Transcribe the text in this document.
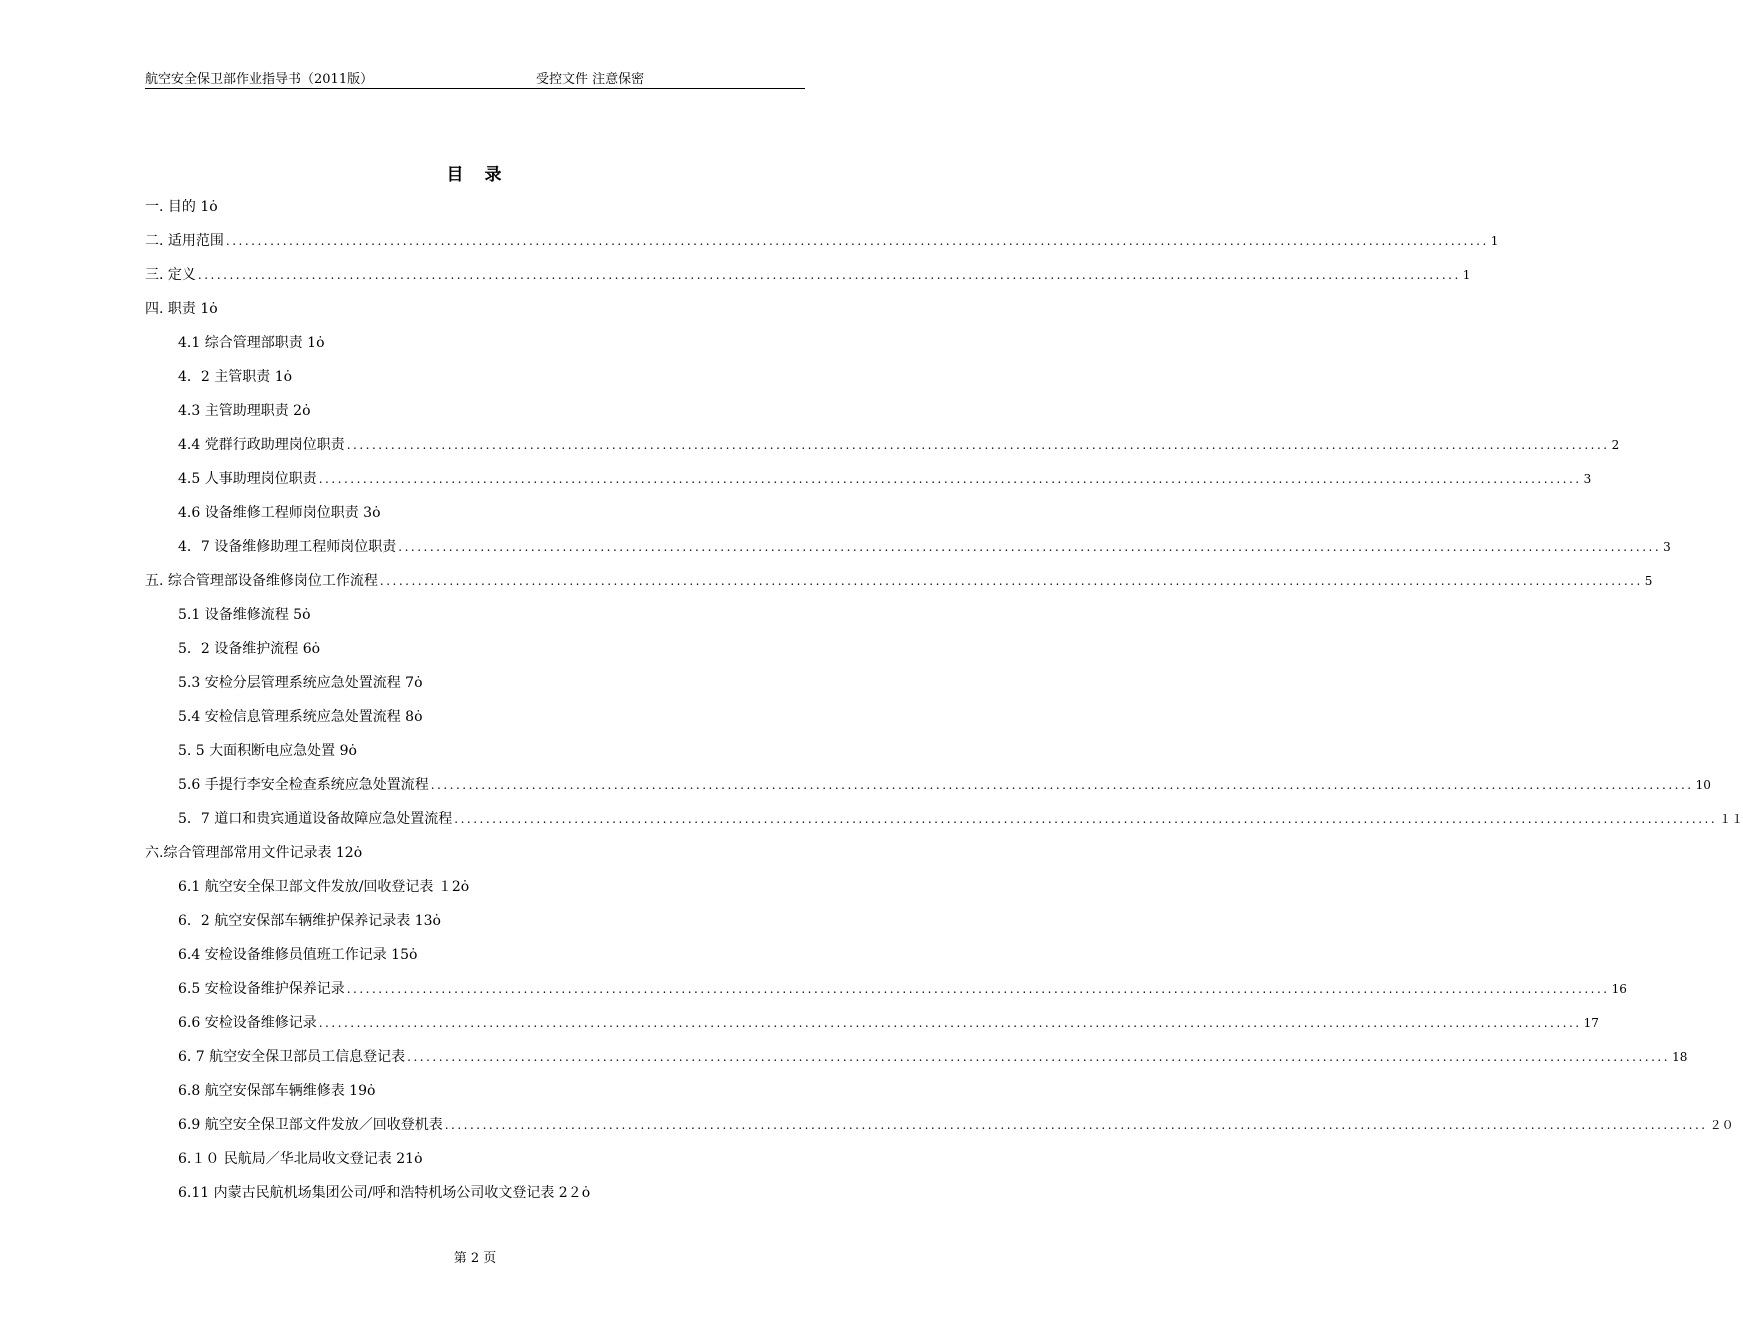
航空安全保卫部作业指导书（2011版）	受控文件 注意保密
目　录
一. 目的 1ȯ
二. 适用范围 ........................................................................................................................................................................................................ 1
三. 定义 ........................................................................................................................................................................................................ 1
四. 职责 1ȯ
4.1 综合管理部职责 1ȯ
4．2 主管职责 1ȯ
4.3 主管助理职责 2ȯ
4.4 党群行政助理岗位职责 ........................................................................................................................................................................................................ 2
4.5 人事助理岗位职责 ........................................................................................................................................................................................................ 3
4.6 设备维修工程师岗位职责 3ȯ
4．7 设备维修助理工程师岗位职责 ........................................................................................................................................................................................................ 3
五. 综合管理部设备维修岗位工作流程 ........................................................................................................................................................................................................ 5
5.1 设备维修流程 5ȯ
5．2 设备维护流程 6ȯ
5.3 安检分层管理系统应急处置流程 7ȯ
5.4 安检信息管理系统应急处置流程 8ȯ
5. 5 大面积断电应急处置 9ȯ
5.6 手提行李安全检查系统应急处置流程 ........................................................................................................................................................................................................ 10
5．7 道口和贵宾通道设备故障应急处置流程 ........................................................................................................................................................................................................ １１
六.综合管理部常用文件记录表 12ȯ
6.1 航空安全保卫部文件发放/回收登记表 １2ȯ
6．2 航空安保部车辆维护保养记录表 13ȯ
6.4 安检设备维修员值班工作记录 15ȯ
6.5 安检设备维护保养记录 ........................................................................................................................................................................................................ 16
6.6 安检设备维修记录 ........................................................................................................................................................................................................ 17
6. 7 航空安全保卫部员工信息登记表 ........................................................................................................................................................................................................ 18
6.8 航空安保部车辆维修表 19ȯ
6.9 航空安全保卫部文件发放／回收登机表 ........................................................................................................................................................................................................ ２０
6.１０ 民航局／华北局收文登记表 21ȯ
6.11 内蒙古民航机场集团公司/呼和浩特机场公司收文登记表 2２ȯ
第 2 页
